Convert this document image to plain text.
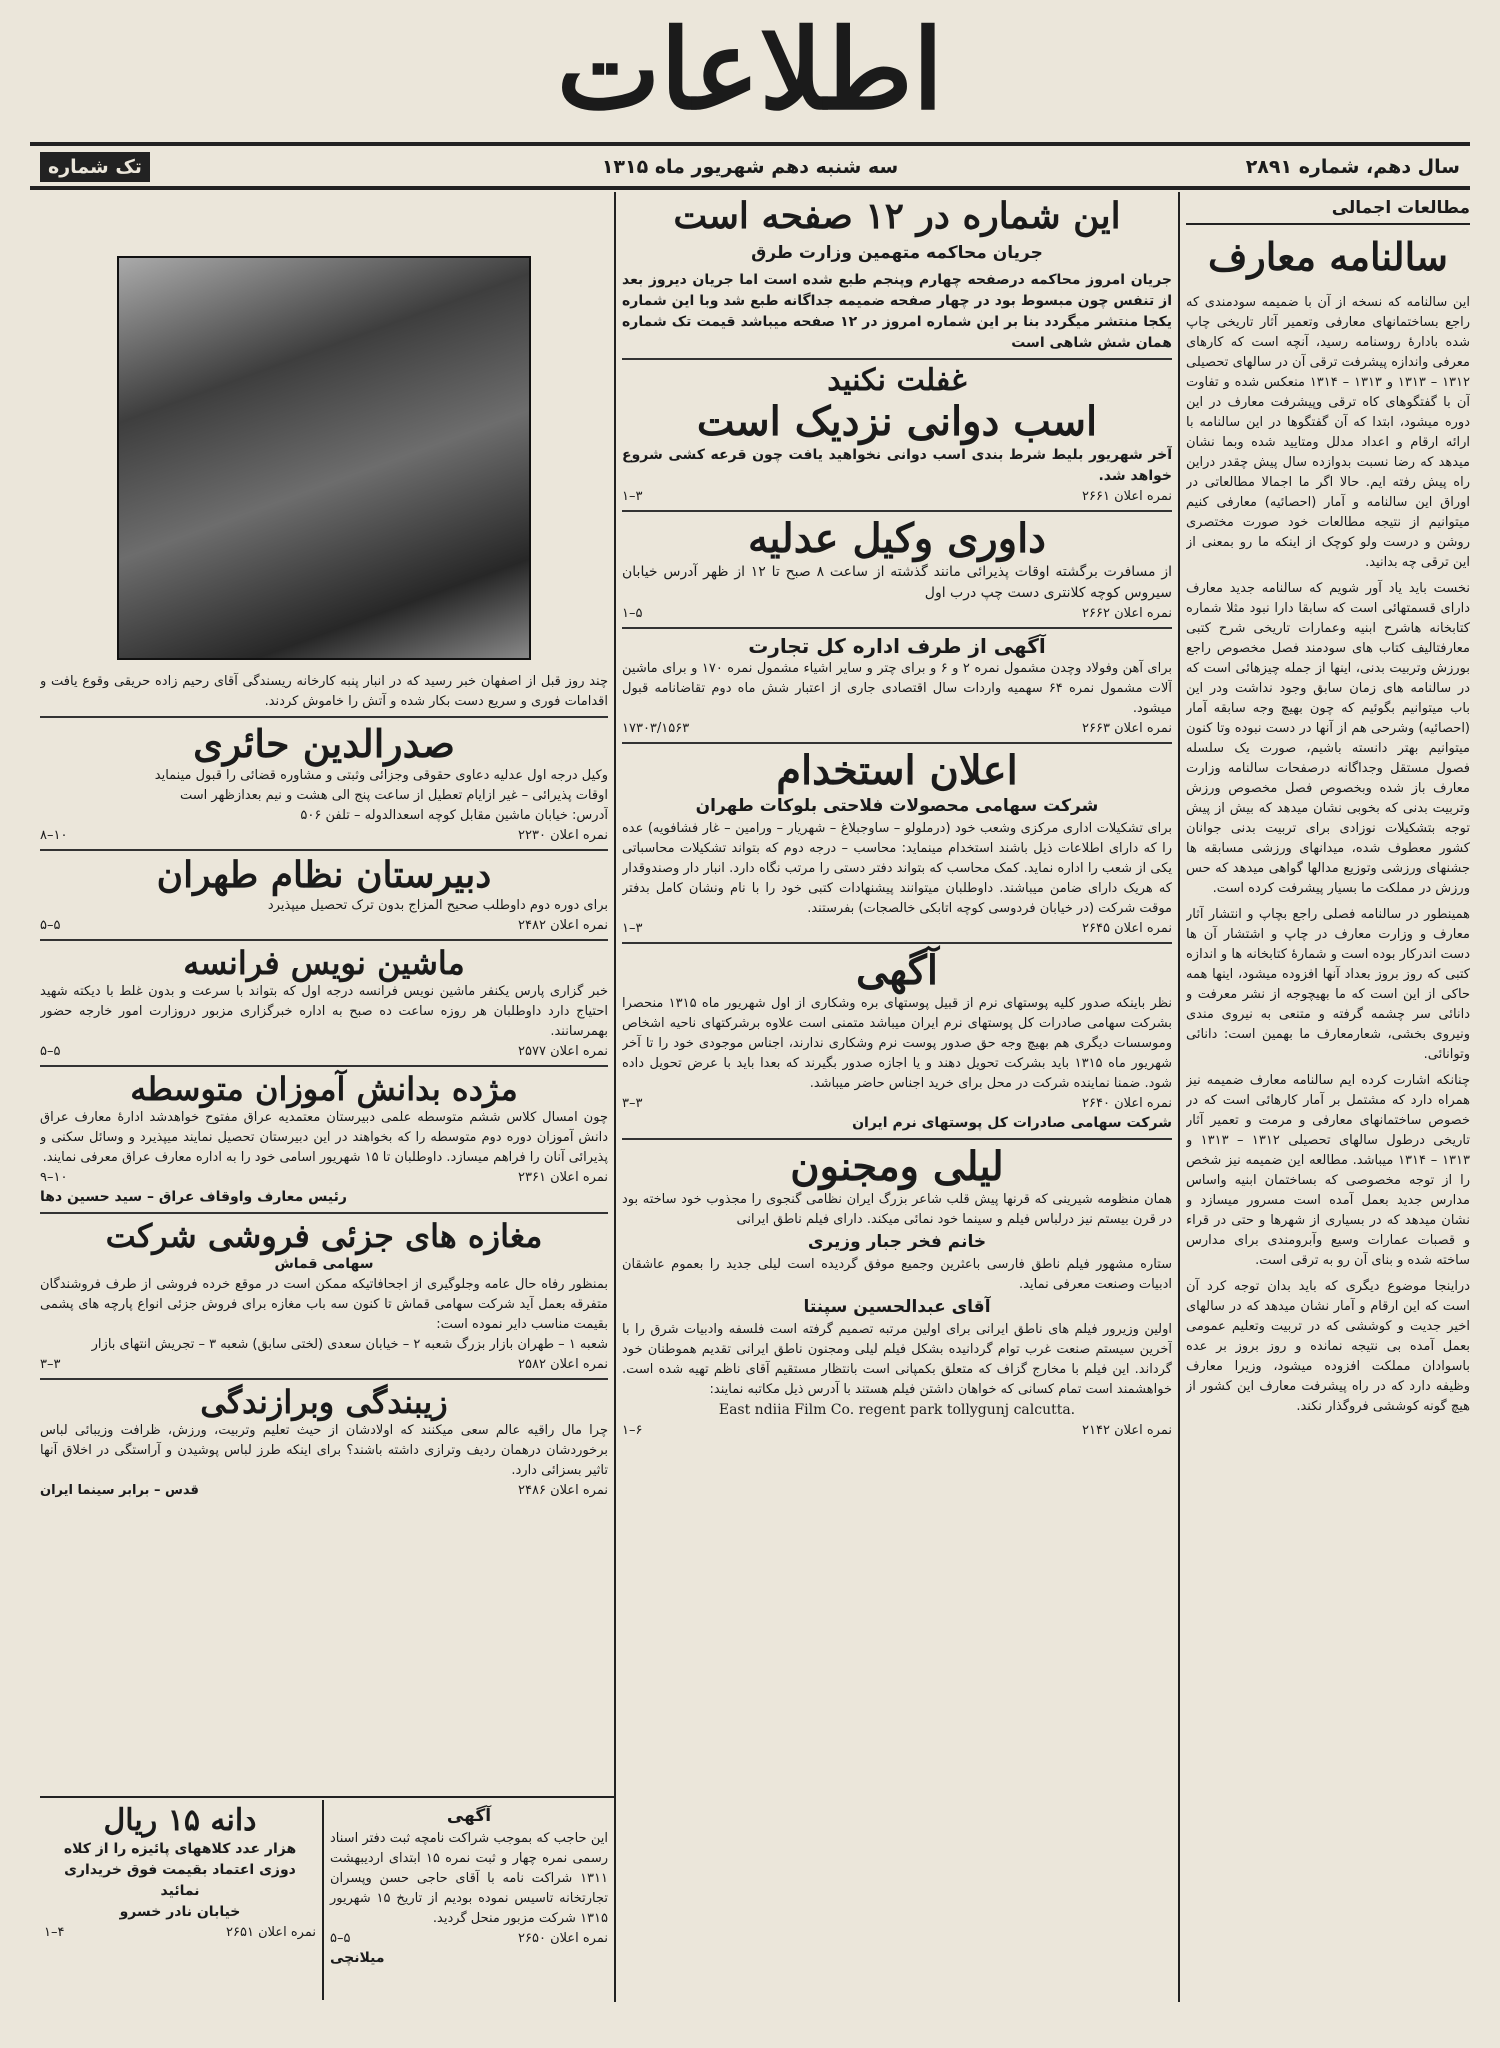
اطلاعات
سال دهم، شماره ۲۸۹۱
سه شنبه دهم شهریور ماه ۱۳۱۵
تک شماره
مطالعات اجمالی
سالنامه معارف

این سالنامه که نسخه از آن با ضمیمه سودمندی که راجع بساختمانهای معارفی وتعمیر آثار تاریخی چاپ شده بادارهٔ روسنامه رسید، آنچه است که کارهای معرفی واندازه پیشرفت ترقی آن در سالهای تحصیلی ۱۳۱۲ – ۱۳۱۳ و ۱۳۱۳ – ۱۳۱۴ منعکس شده و تفاوت آن با گفتگوهای کاه ترقی وپیشرفت معارف در این دوره میشود، ابتدا که آن گفتگوها در این سالنامه با ارائه ارقام و اعداد مدلل ومتایید شده وبما نشان میدهد که رضا نسبت بدوازده سال پیش چقدر دراین راه پیش رفته ایم. حالا اگر ما اجمالا مطالعاتی در اوراق این سالنامه و آمار (احصائیه) معارفی کنیم میتوانیم از نتیجه مطالعات خود صورت مختصری روشن و درست ولو کوچک از اینکه ما رو بمعنی از این ترقی چه بدانید.

نخست باید یاد آور شویم که سالنامه جدید معارف دارای قسمتهائی است که سابقا دارا نبود مثلا شماره کتابخانه هاشرح ابنیه وعمارات تاریخی شرح کتبی معارفتالیف کتاب های سودمند فصل مخصوص راجع بورزش وتربیت بدنی، اینها از جمله چیزهائی است که در سالنامه های زمان سابق وجود نداشت ودر این باب میتوانیم بگوئیم که چون بهیچ وجه سابقه آمار (احصائیه) وشرحی هم از آنها در دست نبوده وتا کنون میتوانیم بهتر دانسته باشیم، صورت یک سلسله فصول مستقل وجداگانه درصفحات سالنامه وزارت معارف باز شده وبخصوص فصل مخصوص ورزش وتربیت بدنی که بخوبی نشان میدهد که بیش از پیش توجه بتشکیلات نوزادی برای تربیت بدنی جوانان کشور معطوف شده، میدانهای ورزشی مسابقه ها جشنهای ورزشی وتوزیع مدالها گواهی میدهد که حس ورزش در مملکت ما بسیار پیشرفت کرده است.

همینطور در سالنامه فصلی راجع بچاپ و انتشار آثار معارف و وزارت معارف در چاپ و اشتشار آن ها دست اندرکار بوده است و شمارهٔ کتابخانه ها و اندازه کتبی که روز بروز بعداد آنها افزوده میشود، اینها همه حاکی از این است که ما بهیچوجه از نشر معرفت و دانائی سر چشمه گرفته و متنعی به نیروی مندی ونیروی بخشی، شعارمعارف ما بهمین است: دانائی وتوانائی.

چنانکه اشارت کرده ایم سالنامه معارف ضمیمه نیز همراه دارد که مشتمل بر آمار کارهائی است که در خصوص ساختمانهای معارفی و مرمت و تعمیر آثار تاریخی درطول سالهای تحصیلی ۱۳۱۲ – ۱۳۱۳ و ۱۳۱۳ – ۱۳۱۴ میباشد. مطالعه این ضمیمه نیز شخص را از توجه مخصوصی که بساختمان ابنیه واساس مدارس جدید بعمل آمده است مسرور میسازد و نشان میدهد که در بسیاری از شهرها و حتی در قراء و قصبات عمارات وسیع وآبرومندی برای مدارس ساخته شده و بنای آن رو به ترقی است.

دراینجا موضوع دیگری که باید بدان توجه کرد آن است که این ارقام و آمار نشان میدهد که در سالهای اخیر جدیت و کوششی که در تربیت وتعلیم عمومی بعمل آمده بی نتیجه نمانده و روز بروز بر عده باسوادان مملکت افزوده میشود، وزیرا معارف وظیفه دارد که در راه پیشرفت معارف این کشور از هیچ گونه کوششی فروگذار نکند.

این شماره در ۱۲ صفحه است
جریان محاکمه متهمین وزارت طرق

جریان امروز محاکمه درصفحه چهارم وپنجم طبع شده است اما جریان دیروز بعد از تنفس چون مبسوط بود در چهار صفحه ضمیمه جداگانه طبع شد وبا این شماره یکجا منتشر میگردد بنا بر این شماره امروز در ۱۲ صفحه میباشد قیمت تک شماره همان شش شاهی است

غفلت نکنید
اسب دوانی نزدیک است

آخر شهریور بلیط شرط بندی اسب دوانی نخواهید یافت چون قرعه کشی شروع خواهد شد.

نمره اعلان ۲۶۶۱
۳–۱
داوری وکیل عدلیه

از مسافرت برگشته اوقات پذیرائی مانند گذشته از ساعت ۸ صبح تا ۱۲ از ظهر آدرس خیابان سیروس کوچه کلانتری دست چپ درب اول

نمره اعلان ۲۶۶۲
۵–۱
آگهی از طرف اداره کل تجارت

برای آهن وفولاد وچدن مشمول نمره ۲ و ۶ و برای چتر و سایر اشیاء مشمول نمره ۱۷۰ و برای ماشین آلات مشمول نمره ۶۴ سهمیه واردات سال اقتصادی جاری از اعتبار شش ماه دوم تقاضانامه قبول میشود.

نمره اعلان ۲۶۶۳
۱۷۳۰۳/۱۵۶۳
اعلان استخدام
شرکت سهامی محصولات فلاحتی بلوکات طهران

برای تشکیلات اداری مرکزی وشعب خود (درملولو – ساوجبلاغ – شهریار – ورامین – غار فشافویه) عده را که دارای اطلاعات ذیل باشند استخدام مینماید: محاسب – درجه دوم که بتواند تشکیلات محاسباتی یکی از شعب را اداره نماید. کمک محاسب که بتواند دفتر دستی را مرتب نگاه دارد. انبار دار وصندوقدار که هریک دارای ضامن میباشند. داوطلبان میتوانند پیشنهادات کتبی خود را با نام ونشان کامل بدفتر موقت شرکت (در خیابان فردوسی کوچه اتابکی خالصجات) بفرستند.

نمره اعلان ۲۶۴۵
۳–۱
آگهی

نظر باینکه صدور کلیه پوستهای نرم از قبیل پوستهای بره وشکاری از اول شهریور ماه ۱۳۱۵ منحصرا بشرکت سهامی صادرات کل پوستهای نرم ایران میباشد متمنی است علاوه برشرکتهای ناحیه اشخاص وموسسات دیگری هم بهیچ وجه حق صدور پوست نرم وشکاری ندارند، اجناس موجودی خود را تا آخر شهریور ماه ۱۳۱۵ باید بشرکت تحویل دهند و یا اجازه صدور بگیرند که بعدا باید با عرض تحویل داده شود. ضمنا نماینده شرکت در محل برای خرید اجناس حاضر میباشد.

نمره اعلان ۲۶۴۰
۳–۳
شرکت سهامی صادرات کل پوستهای نرم ایران
لیلی ومجنون

همان منظومه شیرینی که قرنها پیش قلب شاعر بزرگ ایران نظامی گنجوی را مجذوب خود ساخته بود در قرن بیستم نیز درلباس فیلم و سینما خود نمائی میکند. دارای فیلم ناطق ایرانی

خانم فخر جبار وزیری

ستاره مشهور فیلم ناطق فارسی باعثرین وجمیع موفق گردیده است لیلی جدید را بعموم عاشقان ادبیات وصنعت معرفی نماید.

آقای عبدالحسین سپنتا

اولین وزیرور فیلم های ناطق ایرانی برای اولین مرتبه تصمیم گرفته است فلسفه وادبیات شرق را با آخرین سیستم صنعت غرب توام گردانیده بشکل فیلم لیلی ومجنون ناطق ایرانی تقدیم هموطنان خود گرداند. این فیلم با مخارج گزاف که متعلق بکمپانی است بانتظار مستقیم آقای ناظم تهیه شده است. خواهشمند است تمام کسانی که خواهان داشتن فیلم هستند با آدرس ذیل مکاتبه نمایند:

East ndiia Film Co. regent park tollygunj calcutta.
نمره اعلان ۲۱۴۲
۶–۱

چند روز قبل از اصفهان خبر رسید که در انبار پنبه کارخانه ریسندگی آقای رحیم زاده حریقی وقوع یافت و اقدامات فوری و سریع دست بکار شده و آتش را خاموش کردند.

صدرالدین حائری

وکیل درجه اول عدلیه دعاوی حقوقی وجزائی وثبتی و مشاوره قضائی را قبول مینماید

اوقات پذیرائی – غیر ازایام تعطیل از ساعت پنج الی هشت و نیم بعدازظهر است

آدرس: خیابان ماشین مقابل کوچه اسعدالدوله – تلفن ۵۰۶

نمره اعلان ۲۲۳۰
۱۰–۸
دبیرستان نظام طهران

برای دوره دوم داوطلب صحیح المزاج بدون ترک تحصیل میپذیرد

نمره اعلان ۲۴۸۲
۵–۵
ماشین نویس فرانسه

خبر گزاری پارس یکنفر ماشین نویس فرانسه درجه اول که بتواند با سرعت و بدون غلط با دیکته شهید احتیاج دارد داوطلبان هر روزه ساعت ده صبح به اداره خبرگزاری مزبور دروزارت امور خارجه حضور بهمرسانند.

نمره اعلان ۲۵۷۷
۵–۵
مژده بدانش آموزان متوسطه

چون امسال کلاس ششم متوسطه علمی دبیرستان معتمدیه عراق مفتوح خواهدشد ادارهٔ معارف عراق دانش آموزان دوره دوم متوسطه را که بخواهند در این دبیرستان تحصیل نمایند میپذیرد و وسائل سکنی و پذیرائی آنان را فراهم میسازد. داوطلبان تا ۱۵ شهریور اسامی خود را به اداره معارف عراق معرفی نمایند.

نمره اعلان ۲۳۶۱
۱۰–۹
رئیس معارف واوقاف عراق – سید حسین دها
مغازه های جزئی فروشی شرکت
سهامی قماش

بمنظور رفاه حال عامه وجلوگیری از اجحافاتیکه ممکن است در موقع خرده فروشی از طرف فروشندگان متفرقه بعمل آید شرکت سهامی قماش تا کنون سه باب مغازه برای فروش جزئی انواع پارچه های پشمی بقیمت مناسب دایر نموده است:

شعبه ۱ – طهران بازار بزرگ شعبه ۲ – خیابان سعدی (لختی سابق) شعبه ۳ – تجریش انتهای بازار

نمره اعلان ۲۵۸۲
۳–۳
زیبندگی وبرازندگی

چرا مال راقیه عالم سعی میکنند که اولادشان از حیث تعلیم وتربیت، ورزش، ظرافت وزیبائی لباس برخوردشان درهمان ردیف وترازی داشته باشند؟ برای اینکه طرز لباس پوشیدن و آراستگی در اخلاق آنها تاثیر بسزائی دارد.

نمره اعلان ۲۴۸۶
قدس – برابر سینما ایران
دانه ۱۵ ریال

هزار عدد کلاههای پائیزه را از کلاه دوزی اعتماد بقیمت فوق خریداری نمائید

خیابان نادر خسرو
نمره اعلان ۲۶۵۱
۴–۱
آگهی

این حاجب که بموجب شراکت نامچه ثبت دفتر اسناد رسمی نمره چهار و ثبت نمره ۱۵ ابتدای اردیبهشت ۱۳۱۱ شراکت نامه با آقای حاجی حسن وپسران تجارتخانه تاسیس نموده بودیم از تاریخ ۱۵ شهریور ۱۳۱۵ شرکت مزبور منحل گردید.

نمره اعلان ۲۶۵۰
۵–۵
میلانچی
